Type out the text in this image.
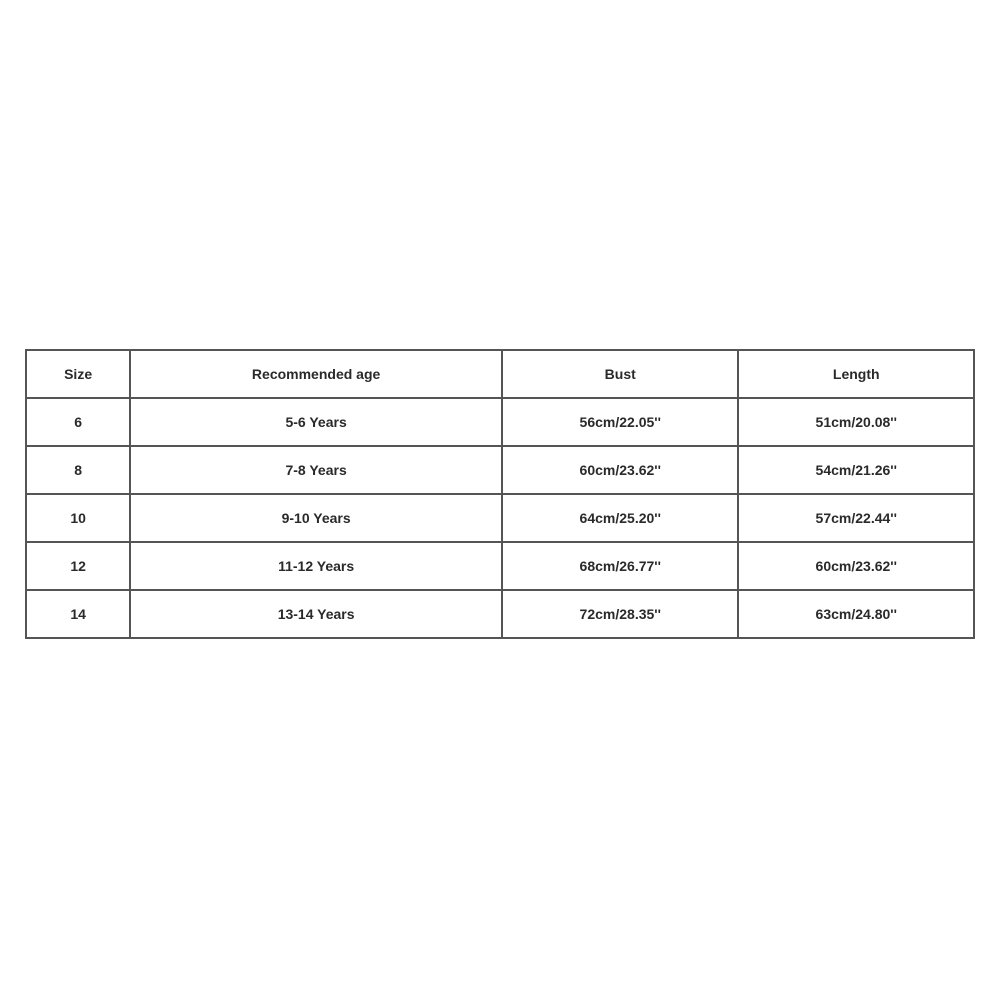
Size	Recommended age	Bust	Length
6	5-6 Years	56cm/22.05''	51cm/20.08''
8	7-8 Years	60cm/23.62''	54cm/21.26''
10	9-10 Years	64cm/25.20''	57cm/22.44''
12	11-12 Years	68cm/26.77''	60cm/23.62''
14	13-14 Years	72cm/28.35''	63cm/24.80''
